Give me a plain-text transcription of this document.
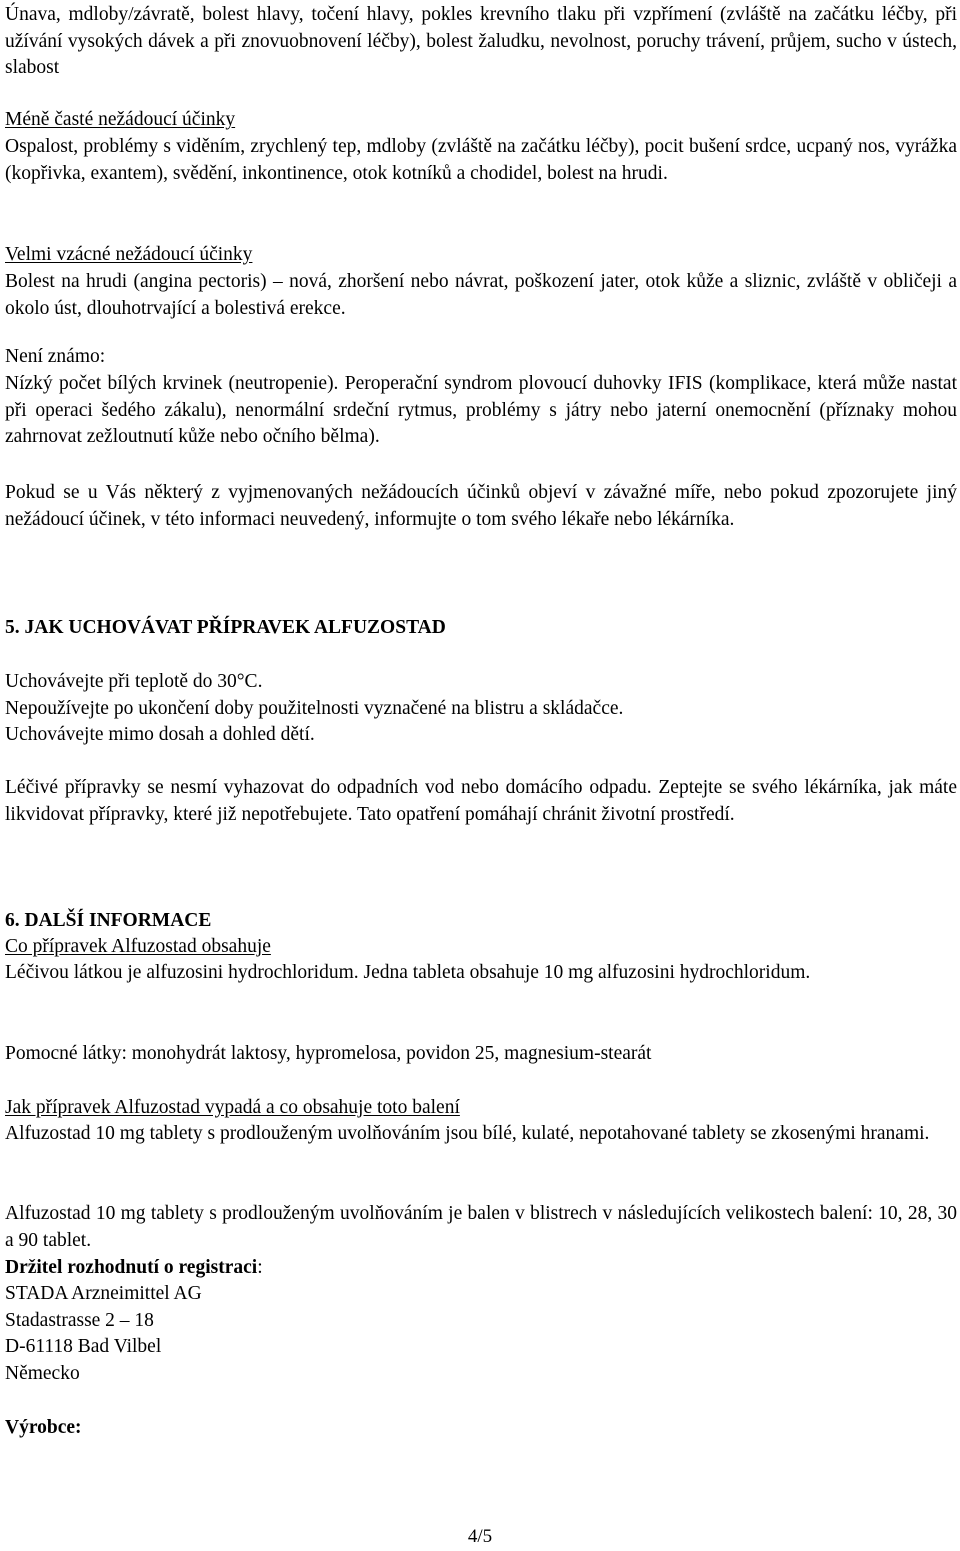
Únava, mdloby/závratě, bolest hlavy, točení hlavy, pokles krevního tlaku při vzpřímení (zvláště na začátku léčby, při užívání vysokých dávek a při znovuobnovení léčby), bolest žaludku, nevolnost, poruchy trávení, průjem, sucho v ústech, slabost

Méně časté nežádoucí účinky

Ospalost, problémy s viděním, zrychlený tep, mdloby (zvláště na začátku léčby), pocit bušení srdce, ucpaný nos, vyrážka (kopřivka, exantem), svědění, inkontinence, otok kotníků a chodidel, bolest na hrudi.

Velmi vzácné nežádoucí účinky

Bolest na hrudi (angina pectoris) – nová, zhoršení nebo návrat, poškození jater, otok kůže a sliznic, zvláště v obličeji a okolo úst, dlouhotrvající a bolestivá erekce.

Není známo:

Nízký počet bílých krvinek (neutropenie). Peroperační syndrom plovoucí duhovky IFIS (komplikace, která může nastat při operaci šedého zákalu), nenormální srdeční rytmus, problémy s játry nebo jaterní onemocnění (příznaky mohou zahrnovat zežloutnutí kůže nebo očního bělma).

Pokud se u Vás některý z vyjmenovaných nežádoucích účinků objeví v závažné míře, nebo pokud zpozorujete jiný nežádoucí účinek, v této informaci neuvedený, informujte o tom svého lékaře nebo lékárníka.

5. JAK UCHOVÁVAT PŘÍPRAVEK ALFUZOSTAD

Uchovávejte při teplotě do 30°C.

Nepoužívejte po ukončení doby použitelnosti vyznačené na blistru a skládačce.

Uchovávejte mimo dosah a dohled dětí.

Léčivé přípravky se nesmí vyhazovat do odpadních vod nebo domácího odpadu. Zeptejte se svého lékárníka, jak máte likvidovat přípravky, které již nepotřebujete. Tato opatření pomáhají chránit životní prostředí.

6. DALŠÍ INFORMACE

Co přípravek Alfuzostad obsahuje

Léčivou látkou je alfuzosini hydrochloridum. Jedna tableta obsahuje 10 mg alfuzosini hydrochloridum.

Pomocné látky: monohydrát laktosy, hypromelosa, povidon 25, magnesium-stearát

Jak přípravek Alfuzostad vypadá a co obsahuje toto balení

Alfuzostad 10 mg tablety s prodlouženým uvolňováním jsou bílé, kulaté, nepotahované tablety se zkosenými hranami.

Alfuzostad 10 mg tablety s prodlouženým uvolňováním je balen v blistrech v následujících velikostech balení: 10, 28, 30 a 90 tablet.

Držitel rozhodnutí o registraci:

STADA Arzneimittel AG

Stadastrasse 2 – 18

D-61118 Bad Vilbel

Německo

Výrobce:

4/5
